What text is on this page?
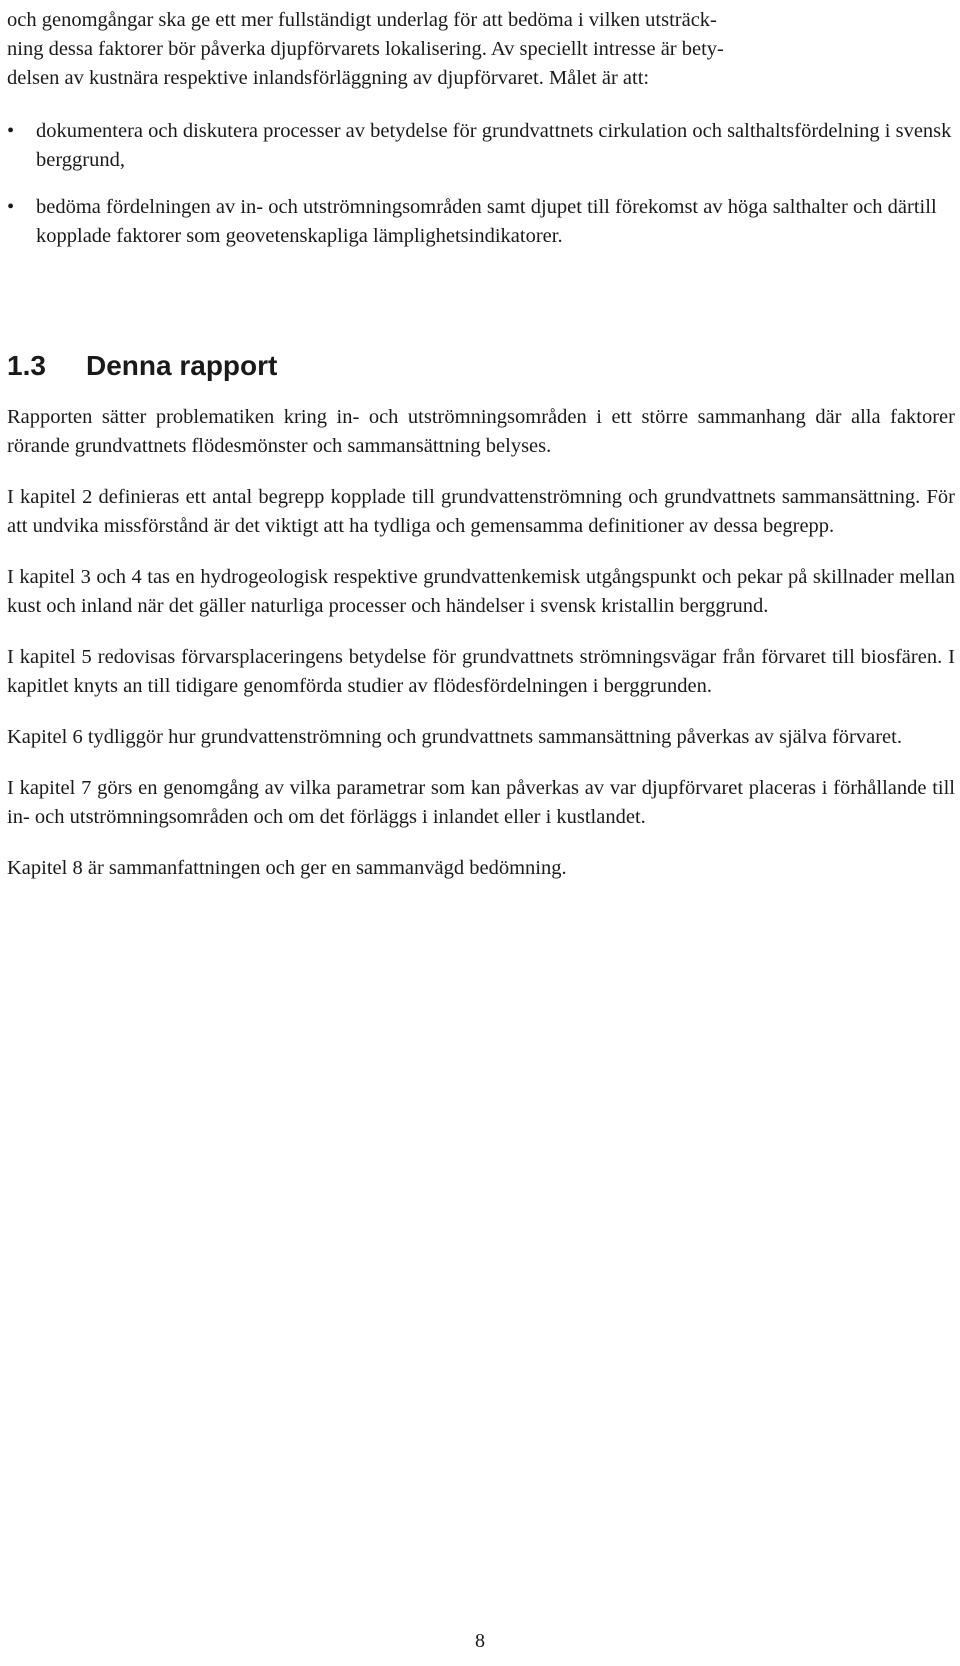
och genomgångar ska ge ett mer fullständigt underlag för att bedöma i vilken utsträck-
ning dessa faktorer bör påverka djupförvarets lokalisering. Av speciellt intresse är bety-
delsen av kustnära respektive inlandsförläggning av djupförvaret. Målet är att:

• dokumentera och diskutera processer av betydelse för grundvattnets cirkulation och salthaltsfördelning i svensk berggrund,
• bedöma fördelningen av in- och utströmningsområden samt djupet till förekomst av höga salthalter och därtill kopplade faktorer som geovetenskapliga lämplighetsindikatorer.
1.3 Denna rapport

Rapporten sätter problematiken kring in- och utströmningsområden i ett större sammanhang där alla faktorer rörande grundvattnets flödesmönster och sammansättning belyses.

I kapitel 2 definieras ett antal begrepp kopplade till grundvattenströmning och grundvattnets sammansättning. För att undvika missförstånd är det viktigt att ha tydliga och gemensamma definitioner av dessa begrepp.

I kapitel 3 och 4 tas en hydrogeologisk respektive grundvattenkemisk utgångspunkt och pekar på skillnader mellan kust och inland när det gäller naturliga processer och händelser i svensk kristallin berggrund.

I kapitel 5 redovisas förvarsplaceringens betydelse för grundvattnets strömningsvägar från förvaret till biosfären. I kapitlet knyts an till tidigare genomförda studier av flödesfördelningen i berggrunden.

Kapitel 6 tydliggör hur grundvattenströmning och grundvattnets sammansättning påverkas av själva förvaret.

I kapitel 7 görs en genomgång av vilka parametrar som kan påverkas av var djupförvaret placeras i förhållande till in- och utströmningsområden och om det förläggs i inlandet eller i kustlandet.

Kapitel 8 är sammanfattningen och ger en sammanvägd bedömning.

8
